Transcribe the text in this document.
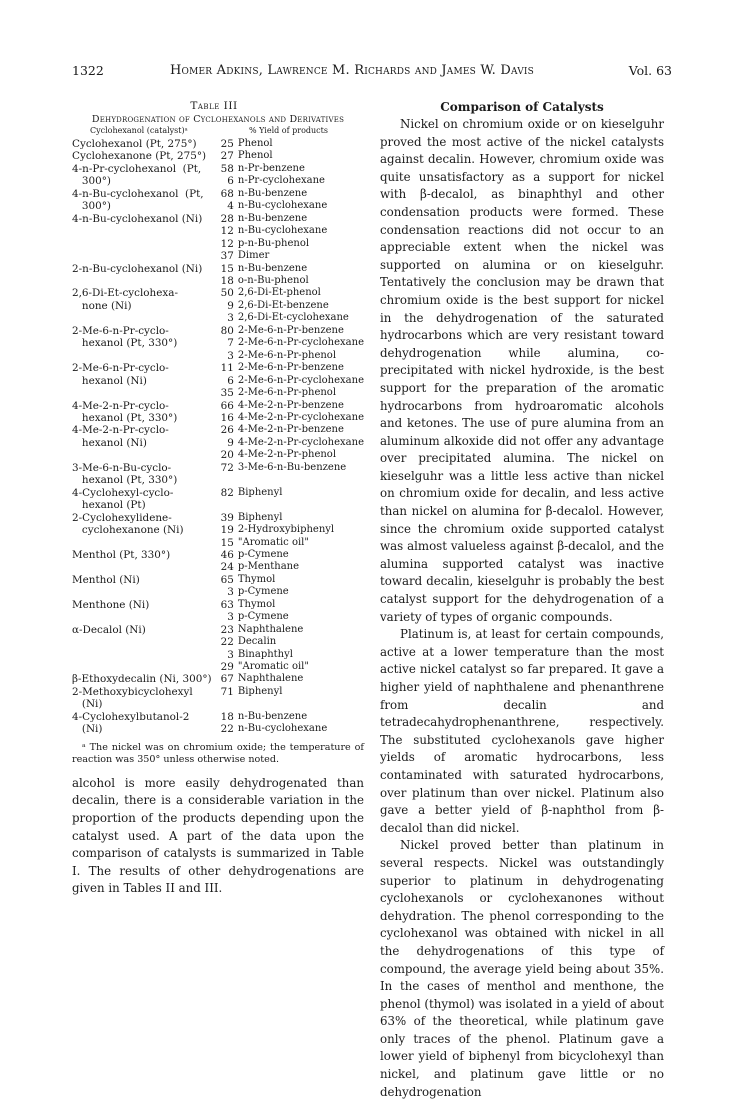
1322	Homer Adkins, Lawrence M. Richards and James W. Davis	Vol. 63
Table III
Dehydrogenation of Cyclohexanols and Derivatives
Cyclohexanol (catalyst)ᵃ	% Yield of products
Cyclohexanol (Pt, 275°)	25	Phenol
Cyclohexanone (Pt, 275°)	27	Phenol
4-n-Pr-cyclohexanol  (Pt,	58	n-Pr-benzene
300°)	6	n-Pr-cyclohexane
4-n-Bu-cyclohexanol  (Pt,	68	n-Bu-benzene
300°)	4	n-Bu-cyclohexane
4-n-Bu-cyclohexanol (Ni)	28	n-Bu-benzene
	12	n-Bu-cyclohexane
	12	p-n-Bu-phenol
	37	Dimer
2-n-Bu-cyclohexanol (Ni)	15	n-Bu-benzene
	18	o-n-Bu-phenol
2,6-Di-Et-cyclohexa-	50	2,6-Di-Et-phenol
none (Ni)	9	2,6-Di-Et-benzene
	3	2,6-Di-Et-cyclohexane
2-Me-6-n-Pr-cyclo-	80	2-Me-6-n-Pr-benzene
hexanol (Pt, 330°)	7	2-Me-6-n-Pr-cyclohexane
	3	2-Me-6-n-Pr-phenol
2-Me-6-n-Pr-cyclo-	11	2-Me-6-n-Pr-benzene
hexanol (Ni)	6	2-Me-6-n-Pr-cyclohexane
	35	2-Me-6-n-Pr-phenol
4-Me-2-n-Pr-cyclo-	66	4-Me-2-n-Pr-benzene
hexanol (Pt, 330°)	16	4-Me-2-n-Pr-cyclohexane
4-Me-2-n-Pr-cyclo-	26	4-Me-2-n-Pr-benzene
hexanol (Ni)	9	4-Me-2-n-Pr-cyclohexane
	20	4-Me-2-n-Pr-phenol
3-Me-6-n-Bu-cyclo-	72	3-Me-6-n-Bu-benzene
hexanol (Pt, 330°)		
4-Cyclohexyl-cyclo-	82	Biphenyl
hexanol (Pt)		
2-Cyclohexylidene-	39	Biphenyl
cyclohexanone (Ni)	19	2-Hydroxybiphenyl
	15	"Aromatic oil"
Menthol (Pt, 330°)	46	p-Cymene
	24	p-Menthane
Menthol (Ni)	65	Thymol
	3	p-Cymene
Menthone (Ni)	63	Thymol
	3	p-Cymene
α-Decalol (Ni)	23	Naphthalene
	22	Decalin
	3	Binaphthyl
	29	"Aromatic oil"
β-Ethoxydecalin (Ni, 300°)	67	Naphthalene
2-Methoxybicyclohexyl	71	Biphenyl
(Ni)		
4-Cyclohexylbutanol-2	18	n-Bu-benzene
(Ni)	22	n-Bu-cyclohexane
ᵃ The nickel was on chromium oxide; the temperature of reaction was 350° unless otherwise noted.
alcohol is more easily dehydrogenated than decalin, there is a considerable variation in the proportion of the products depending upon the catalyst used. A part of the data upon the comparison of catalysts is summarized in Table I. The results of other dehydrogenations are given in Tables II and III.
Comparison of Catalysts

Nickel on chromium oxide or on kieselguhr proved the most active of the nickel catalysts against decalin. However, chromium oxide was quite unsatisfactory as a support for nickel with β-decalol, as binaphthyl and other condensation products were formed. These condensation reactions did not occur to an appreciable extent when the nickel was supported on alumina or on kieselguhr. Tentatively the conclusion may be drawn that chromium oxide is the best support for nickel in the dehydrogenation of the saturated hydrocarbons which are very resistant toward dehydrogenation while alumina, co-precipitated with nickel hydroxide, is the best support for the preparation of the aromatic hydrocarbons from hydroaromatic alcohols and ketones. The use of pure alumina from an aluminum alkoxide did not offer any advantage over precipitated alumina. The nickel on kieselguhr was a little less active than nickel on chromium oxide for decalin, and less active than nickel on alumina for β-decalol. However, since the chromium oxide supported catalyst was almost valueless against β-decalol, and the alumina supported catalyst was inactive toward decalin, kieselguhr is probably the best catalyst support for the dehydrogenation of a variety of types of organic compounds.

Platinum is, at least for certain compounds, active at a lower temperature than the most active nickel catalyst so far prepared. It gave a higher yield of naphthalene and phenanthrene from decalin and tetradecahydrophenanthrene, respectively. The substituted cyclohexanols gave higher yields of aromatic hydrocarbons, less contaminated with saturated hydrocarbons, over platinum than over nickel. Platinum also gave a better yield of β-naphthol from β-decalol than did nickel.

Nickel proved better than platinum in several respects. Nickel was outstandingly superior to platinum in dehydrogenating cyclohexanols or cyclohexanones without dehydration. The phenol corresponding to the cyclohexanol was obtained with nickel in all the dehydrogenations of this type of compound, the average yield being about 35%. In the cases of menthol and menthone, the phenol (thymol) was isolated in a yield of about 63% of the theoretical, while platinum gave only traces of the phenol. Platinum gave a lower yield of biphenyl from bicyclohexyl than nickel, and platinum gave little or no dehydrogenation
